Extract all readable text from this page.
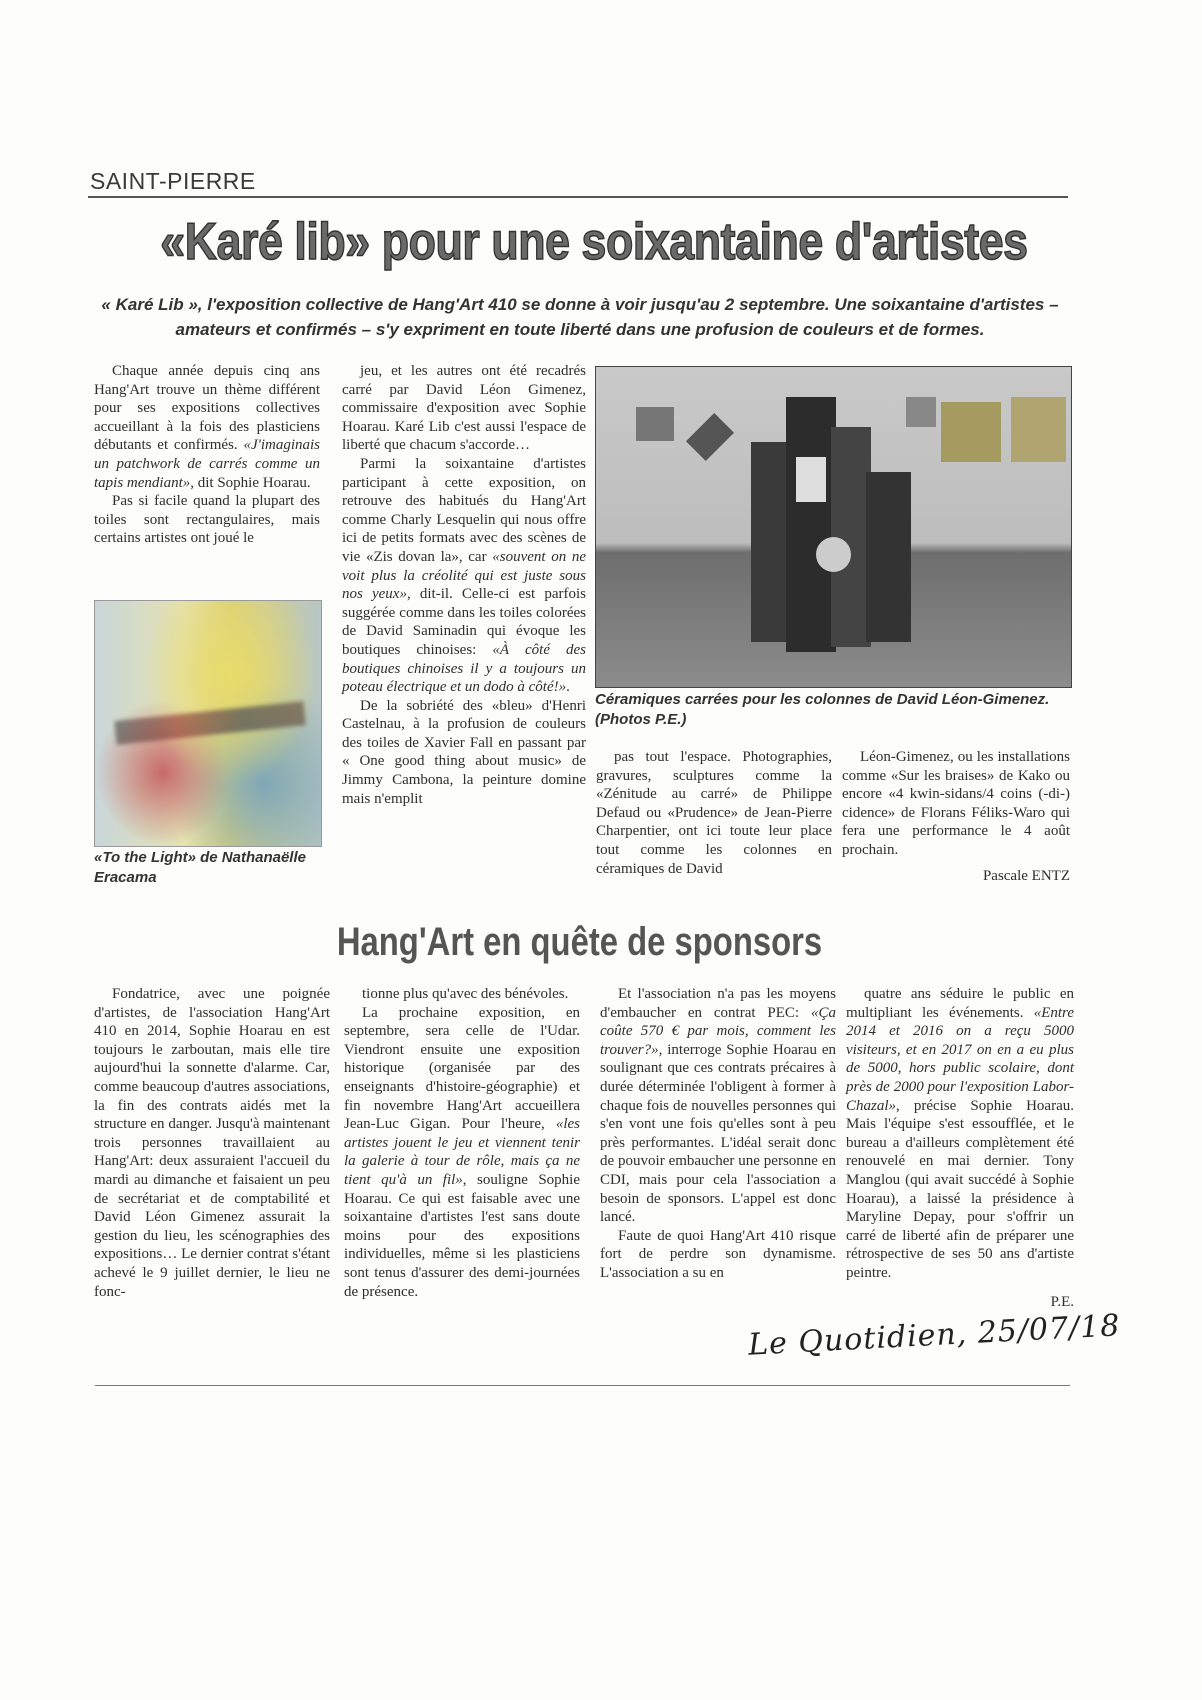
SAINT-PIERRE
«Karé lib» pour une soixantaine d'artistes
« Karé Lib », l'exposition collective de Hang'Art 410 se donne à voir jusqu'au 2 septembre. Une soixantaine d'artistes – amateurs et confirmés – s'y expriment en toute liberté dans une profusion de couleurs et de formes.

Chaque année depuis cinq ans Hang'Art trouve un thème différent pour ses expositions collectives accueillant à la fois des plasticiens débutants et confirmés. «J'imaginais un patchwork de carrés comme un tapis mendiant», dit Sophie Hoarau.

Pas si facile quand la plupart des toiles sont rectangulaires, mais certains artistes ont joué le

«To the Light» de Nathanaëlle Eracama

jeu, et les autres ont été recadrés carré par David Léon Gimenez, commissaire d'exposition avec Sophie Hoarau. Karé Lib c'est aussi l'espace de liberté que chacum s'accorde…

Parmi la soixantaine d'artistes participant à cette exposition, on retrouve des habitués du Hang'Art comme Charly Lesquelin qui nous offre ici de petits formats avec des scènes de vie «Zis dovan la», car «souvent on ne voit plus la créolité qui est juste sous nos yeux», dit-il. Celle-ci est parfois suggérée comme dans les toiles colorées de David Saminadin qui évoque les boutiques chinoises: «À côté des boutiques chinoises il y a toujours un poteau électrique et un dodo à côté!».

De la sobriété des «bleu» d'Henri Castelnau, à la profusion de couleurs des toiles de Xavier Fall en passant par « One good thing about music» de Jimmy Cambona, la peinture domine mais n'emplit

Céramiques carrées pour les colonnes de David Léon-Gimenez. (Photos P.E.)

pas tout l'espace. Photographies, gravures, sculptures comme la «Zénitude au carré» de Philippe Defaud ou «Prudence» de Jean-Pierre Charpentier, ont ici toute leur place tout comme les colonnes en céramiques de David

Léon-Gimenez, ou les installations comme «Sur les braises» de Kako ou encore «4 kwin-sidans/4 coins (-di-) cidence» de Florans Féliks-Waro qui fera une performance le 4 août prochain.

Pascale ENTZ
Hang'Art en quête de sponsors

Fondatrice, avec une poignée d'artistes, de l'association Hang'Art 410 en 2014, Sophie Hoarau en est toujours le zarboutan, mais elle tire aujourd'hui la sonnette d'alarme. Car, comme beaucoup d'autres associations, la fin des contrats aidés met la structure en danger. Jusqu'à maintenant trois personnes travaillaient au Hang'Art: deux assuraient l'accueil du mardi au dimanche et faisaient un peu de secrétariat et de comptabilité et David Léon Gimenez assurait la gestion du lieu, les scénographies des expositions… Le dernier contrat s'étant achevé le 9 juillet dernier, le lieu ne fonc-

tionne plus qu'avec des bénévoles.

La prochaine exposition, en septembre, sera celle de l'Udar. Viendront ensuite une exposition historique (organisée par des enseignants d'histoire-géographie) et fin novembre Hang'Art accueillera Jean-Luc Gigan. Pour l'heure, «les artistes jouent le jeu et viennent tenir la galerie à tour de rôle, mais ça ne tient qu'à un fil», souligne Sophie Hoarau. Ce qui est faisable avec une soixantaine d'artistes l'est sans doute moins pour des expositions individuelles, même si les plasticiens sont tenus d'assurer des demi-journées de présence.

Et l'association n'a pas les moyens d'embaucher en contrat PEC: «Ça coûte 570 € par mois, comment les trouver?», interroge Sophie Hoarau en soulignant que ces contrats précaires à durée déterminée l'obligent à former à chaque fois de nouvelles personnes qui s'en vont une fois qu'elles sont à peu près performantes. L'idéal serait donc de pouvoir embaucher une personne en CDI, mais pour cela l'association a besoin de sponsors. L'appel est donc lancé.

Faute de quoi Hang'Art 410 risque fort de perdre son dynamisme. L'association a su en

quatre ans séduire le public en multipliant les événements. «Entre 2014 et 2016 on a reçu 5000 visiteurs, et en 2017 on en a eu plus de 5000, hors public scolaire, dont près de 2000 pour l'exposition Labor-Chazal», précise Sophie Hoarau. Mais l'équipe s'est essoufflée, et le bureau a d'ailleurs complètement été renouvelé en mai dernier. Tony Manglou (qui avait succédé à Sophie Hoarau), a laissé la présidence à Maryline Depay, pour s'offrir un carré de liberté afin de préparer une rétrospective de ses 50 ans d'artiste peintre.

P.E.
Le Quotidien, 25/07/18
